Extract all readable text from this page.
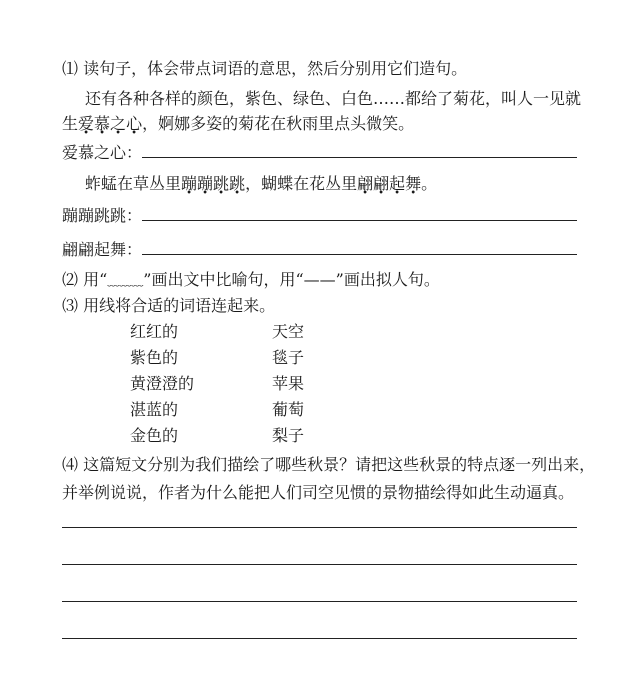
⑴ 读句子，体会带点词语的意思，然后分别用它们造句。
还有各种各样的颜色，紫色、绿色、白色……都给了菊花，叫人一见就
生爱慕之心，婀娜多姿的菊花在秋雨里点头微笑。
爱慕之心：
蚱蜢在草丛里蹦蹦跳跳，蝴蝶在花丛里翩翩起舞。
蹦蹦跳跳：
翩翩起舞：
⑵ 用“﹏﹏﹏”画出文中比喻句，用“——”画出拟人句。
⑶ 用线将合适的词语连起来。
红红的	天空
紫色的	毯子
黄澄澄的	苹果
湛蓝的	葡萄
金色的	梨子
⑷ 这篇短文分别为我们描绘了哪些秋景？请把这些秋景的特点逐一列出来，
并举例说说，作者为什么能把人们司空见惯的景物描绘得如此生动逼真。
